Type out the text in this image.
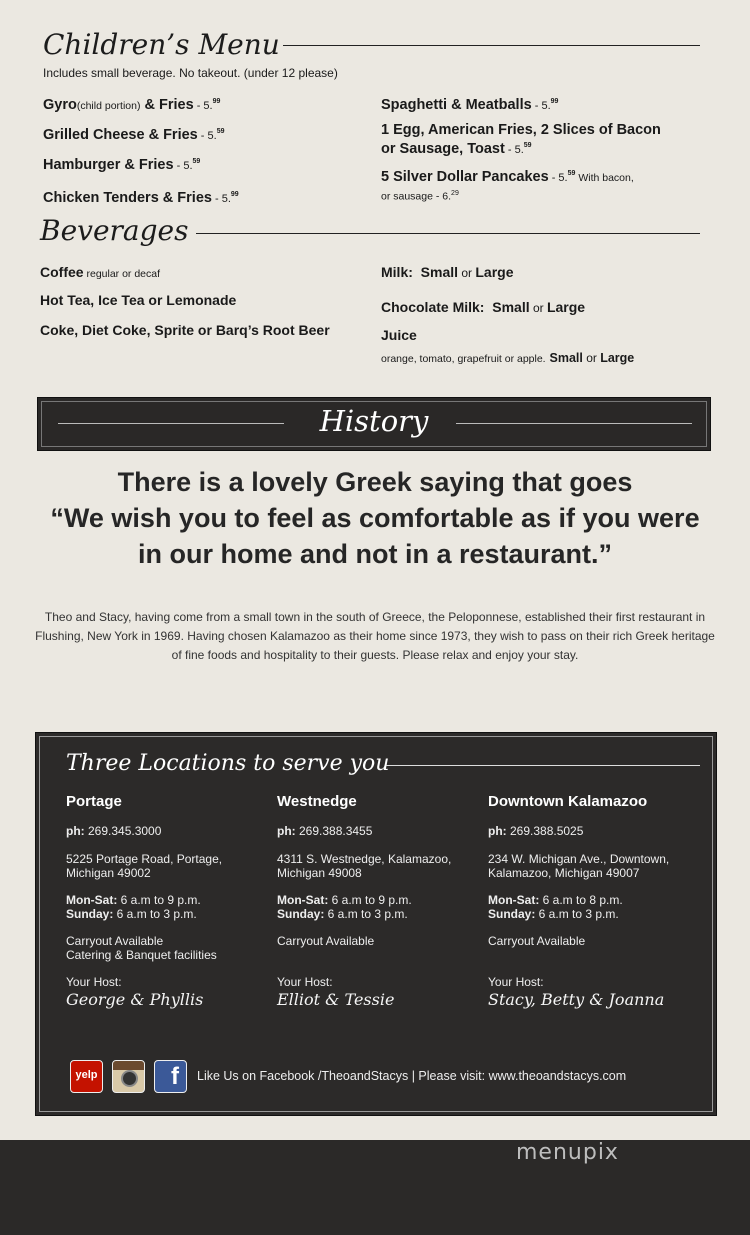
Children’s Menu
Includes small beverage. No takeout. (under 12 please)
Gyro(child portion) & Fries - 5.99
Grilled Cheese & Fries - 5.59
Hamburger & Fries - 5.59
Chicken Tenders & Fries - 5.99
Spaghetti & Meatballs - 5.99
1 Egg, American Fries, 2 Slices of Bacon
or Sausage, Toast - 5.59
5 Silver Dollar Pancakes - 5.59 With bacon,
or sausage - 6.29
Beverages
Coffee regular or decaf
Hot Tea, Ice Tea or Lemonade
Coke, Diet Coke, Sprite or Barq’s Root Beer
Milk: Small or Large
Chocolate Milk: Small or Large
Juice
orange, tomato, grapefruit or apple. Small or Large
History
There is a lovely Greek saying that goes
“We wish you to feel as comfortable as if you were
in our home and not in a restaurant.”
Theo and Stacy, having come from a small town in the south of Greece, the Peloponnese, established their first restaurant in Flushing, New York in 1969. Having chosen Kalamazoo as their home since 1973, they wish to pass on their rich Greek heritage of fine foods and hospitality to their guests. Please relax and enjoy your stay.
Three Locations to serve you
Portage
ph: 269.345.3000
5225 Portage Road, Portage,
Michigan 49002
Mon-Sat: 6 a.m to 9 p.m.
Sunday: 6 a.m to 3 p.m.
Carryout Available
Catering & Banquet facilities
Your Host:
George & Phyllis
Westnedge
ph: 269.388.3455
4311 S. Westnedge, Kalamazoo,
Michigan 49008
Mon-Sat: 6 a.m to 9 p.m.
Sunday: 6 a.m to 3 p.m.
Carryout Available
Your Host:
Elliot & Tessie
Downtown Kalamazoo
ph: 269.388.5025
234 W. Michigan Ave., Downtown,
Kalamazoo, Michigan 49007
Mon-Sat: 6 a.m to 8 p.m.
Sunday: 6 a.m to 3 p.m.
Carryout Available
Your Host:
Stacy, Betty & Joanna
yelp	f Like Us on Facebook /TheoandStacys | Please visit: www.theoandstacys.com
menupix
